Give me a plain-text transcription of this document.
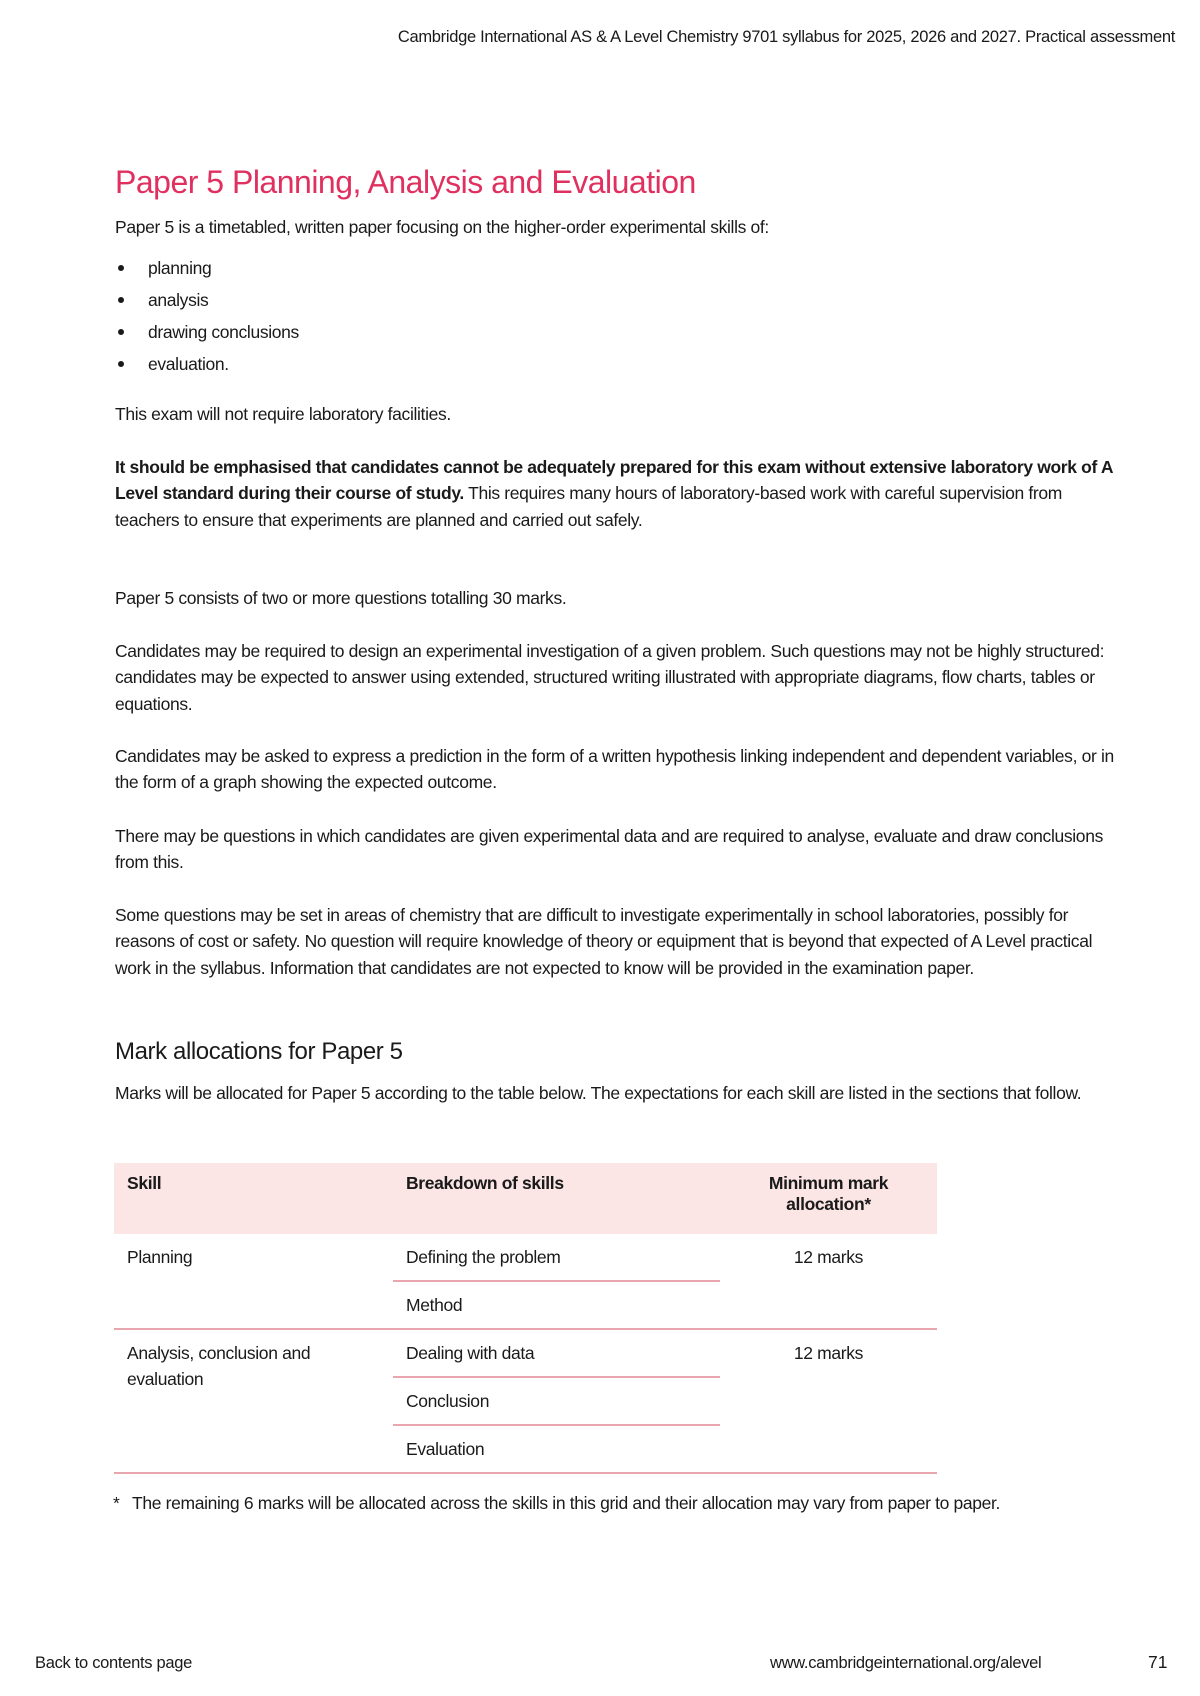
Cambridge International AS & A Level Chemistry 9701 syllabus for 2025, 2026 and 2027. Practical assessment
Paper 5 Planning, Analysis and Evaluation

Paper 5 is a timetabled, written paper focusing on the higher-order experimental skills of:

planning
analysis
drawing conclusions
evaluation.

This exam will not require laboratory facilities.

It should be emphasised that candidates cannot be adequately prepared for this exam without extensive laboratory work of A Level standard during their course of study. This requires many hours of laboratory-based work with careful supervision from teachers to ensure that experiments are planned and carried out safely.

Paper 5 consists of two or more questions totalling 30 marks.

Candidates may be required to design an experimental investigation of a given problem. Such questions may not be highly structured: candidates may be expected to answer using extended, structured writing illustrated with appropriate diagrams, flow charts, tables or equations.

Candidates may be asked to express a prediction in the form of a written hypothesis linking independent and dependent variables, or in the form of a graph showing the expected outcome.

There may be questions in which candidates are given experimental data and are required to analyse, evaluate and draw conclusions from this.

Some questions may be set in areas of chemistry that are difficult to investigate experimentally in school laboratories, possibly for reasons of cost or safety. No question will require knowledge of theory or equipment that is beyond that expected of A Level practical work in the syllabus. Information that candidates are not expected to know will be provided in the examination paper.

Mark allocations for Paper 5

Marks will be allocated for Paper 5 according to the table below. The expectations for each skill are listed in the sections that follow.

Skill	Breakdown of skills	Minimum mark allocation*
Planning	Defining the problem	12 marks
	Method	
Analysis, conclusion and evaluation	Dealing with data	12 marks
	Conclusion	
	Evaluation	
* The remaining 6 marks will be allocated across the skills in this grid and their allocation may vary from paper to paper.
Back to contents page	www.cambridgeinternational.org/alevel	71
